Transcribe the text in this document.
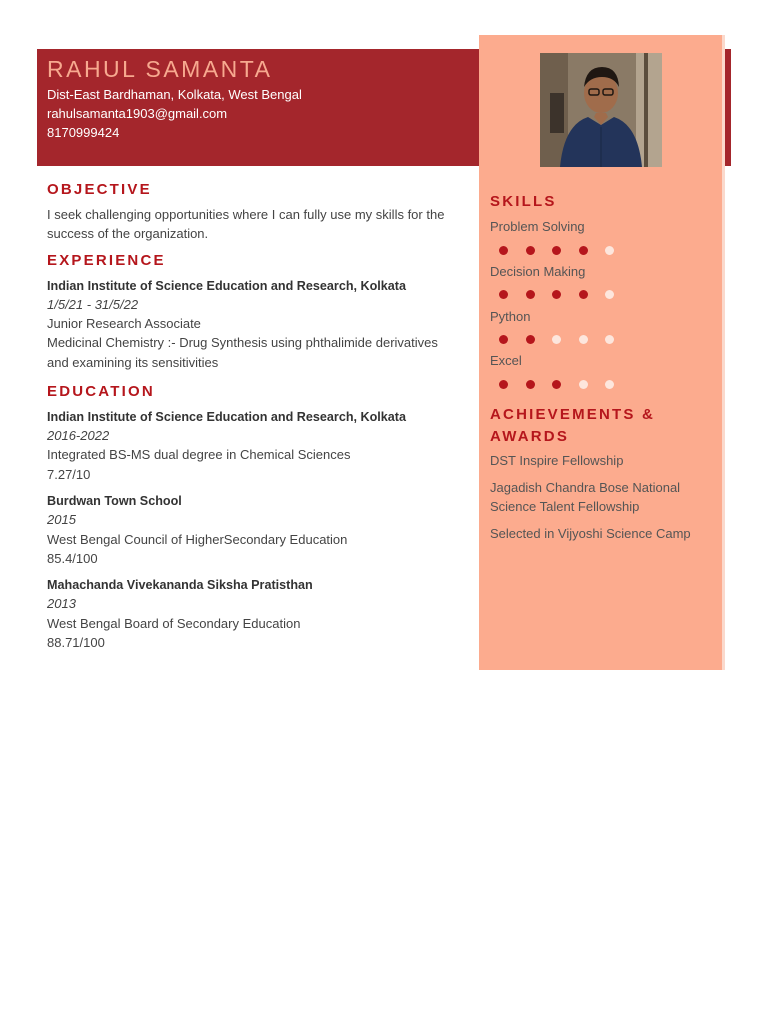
RAHUL SAMANTA
Dist-East Bardhaman, Kolkata, West Bengal
rahulsamanta1903@gmail.com
8170999424
OBJECTIVE
I seek challenging opportunities where I can fully use my skills for the
success of the organization.
EXPERIENCE
Indian Institute of Science Education and Research, Kolkata
1/5/21 - 31/5/22
Junior Research Associate
Medicinal Chemistry :- Drug Synthesis using phthalimide derivatives
and examining its sensitivities
EDUCATION
Indian Institute of Science Education and Research, Kolkata
2016-2022
Integrated BS-MS dual degree in Chemical Sciences
7.27/10
Burdwan Town School
2015
West Bengal Council of HigherSecondary Education
85.4/100
Mahachanda Vivekananda Siksha Pratisthan
2013
West Bengal Board of Secondary Education
88.71/100
SKILLS
Problem Solving
Decision Making
Python
Excel
ACHIEVEMENTS & AWARDS
DST Inspire Fellowship
Jagadish Chandra Bose National Science Talent Fellowship
Selected in Vijyoshi Science Camp
